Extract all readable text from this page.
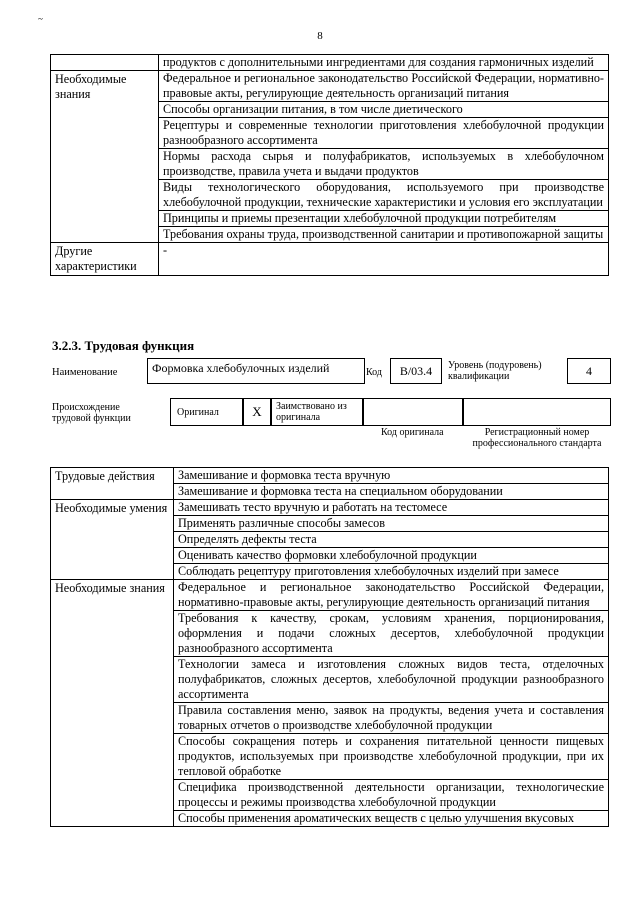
~
8
	продуктов с дополнительными ингредиентами для создания гармоничных изделий
Необходимые знания	Федеральное и региональное законодательство Российской Федерации, нормативно-правовые акты, регулирующие деятельность организаций питания
	Способы организации питания, в том числе диетического
	Рецептуры и современные технологии приготовления хлебобулочной продукции разнообразного ассортимента
	Нормы расхода сырья и полуфабрикатов, используемых в хлебобулочном производстве, правила учета и выдачи продуктов
	Виды технологического оборудования, используемого при производстве хлебобулочной продукции, технические характеристики и условия его эксплуатации
	Принципы и приемы презентации хлебобулочной продукции потребителям
	Требования охраны труда, производственной санитарии и противопожарной защиты
Другие характеристики	-
3.2.3. Трудовая функция
Наименование	Формовка хлебобулочных изделий	Код	В/03.4	Уровень (подуровень) квалификации	4
Происхождение трудовой функции
Оригинал	X	Заимствовано из оригинала
Код оригинала	Регистрационный номер профессионального стандарта
Трудовые действия	Замешивание и формовка теста вручную
	Замешивание и формовка теста на специальном оборудовании
Необходимые умения	Замешивать тесто вручную и работать на тестомесе
	Применять различные способы замесов
	Определять дефекты теста
	Оценивать качество формовки хлебобулочной продукции
	Соблюдать рецептуру приготовления хлебобулочных изделий при замесе
Необходимые знания	Федеральное и региональное законодательство Российской Федерации, нормативно-правовые акты, регулирующие деятельность организаций питания
	Требования к качеству, срокам, условиям хранения, порционирования, оформления и подачи сложных десертов, хлебобулочной продукции разнообразного ассортимента
	Технологии замеса и изготовления сложных видов теста, отделочных полуфабрикатов, сложных десертов, хлебобулочной продукции разнообразного ассортимента
	Правила составления меню, заявок на продукты, ведения учета и составления товарных отчетов о производстве хлебобулочной продукции
	Способы сокращения потерь и сохранения питательной ценности пищевых продуктов, используемых при производстве хлебобулочной продукции, при их тепловой обработке
	Специфика производственной деятельности организации, технологические процессы и режимы производства хлебобулочной продукции
	Способы применения ароматических веществ с целью улучшения вкусовых
